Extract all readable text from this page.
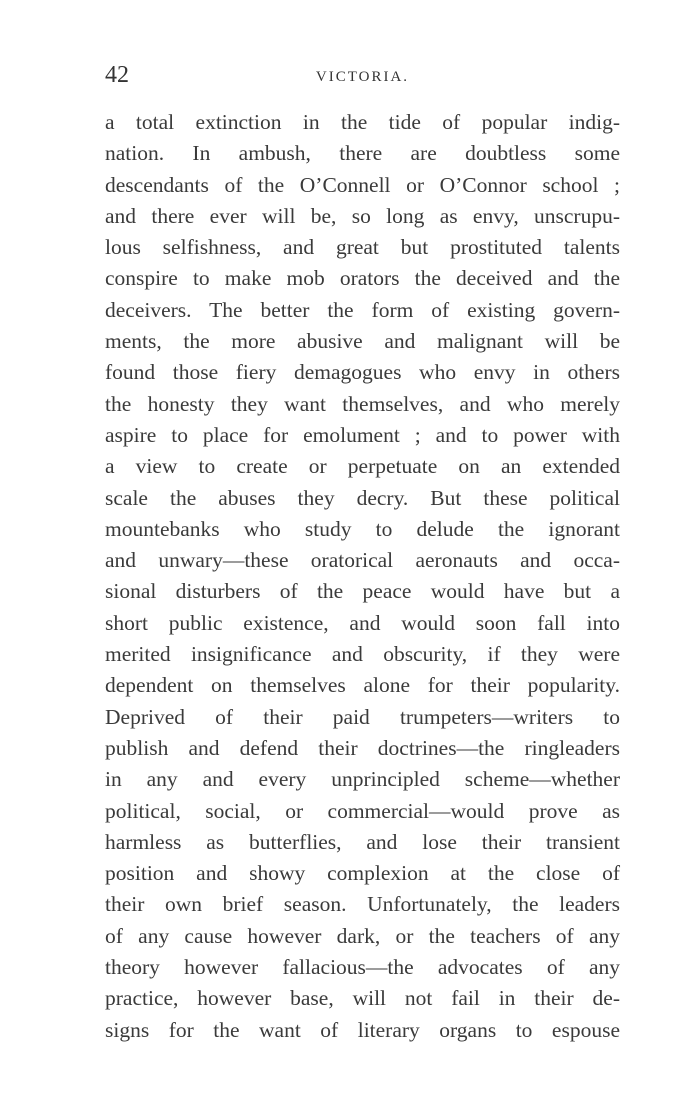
42	VICTORIA.
a total extinction in the tide of popular indig-
nation. In ambush, there are doubtless some
descendants of the O’Connell or O’Connor school ;
and there ever will be, so long as envy, unscrupu-
lous selfishness, and great but prostituted talents
conspire to make mob orators the deceived and the
deceivers. The better the form of existing govern-
ments, the more abusive and malignant will be
found those fiery demagogues who envy in others
the honesty they want themselves, and who merely
aspire to place for emolument ; and to power with
a view to create or perpetuate on an extended
scale the abuses they decry. But these political
mountebanks who study to delude the ignorant
and unwary—these oratorical aeronauts and occa-
sional disturbers of the peace would have but a
short public existence, and would soon fall into
merited insignificance and obscurity, if they were
dependent on themselves alone for their popularity.
Deprived of their paid trumpeters—writers to
publish and defend their doctrines—the ringleaders
in any and every unprincipled scheme—whether
political, social, or commercial—would prove as
harmless as butterflies, and lose their transient
position and showy complexion at the close of
their own brief season. Unfortunately, the leaders
of any cause however dark, or the teachers of any
theory however fallacious—the advocates of any
practice, however base, will not fail in their de-
signs for the want of literary organs to espouse
